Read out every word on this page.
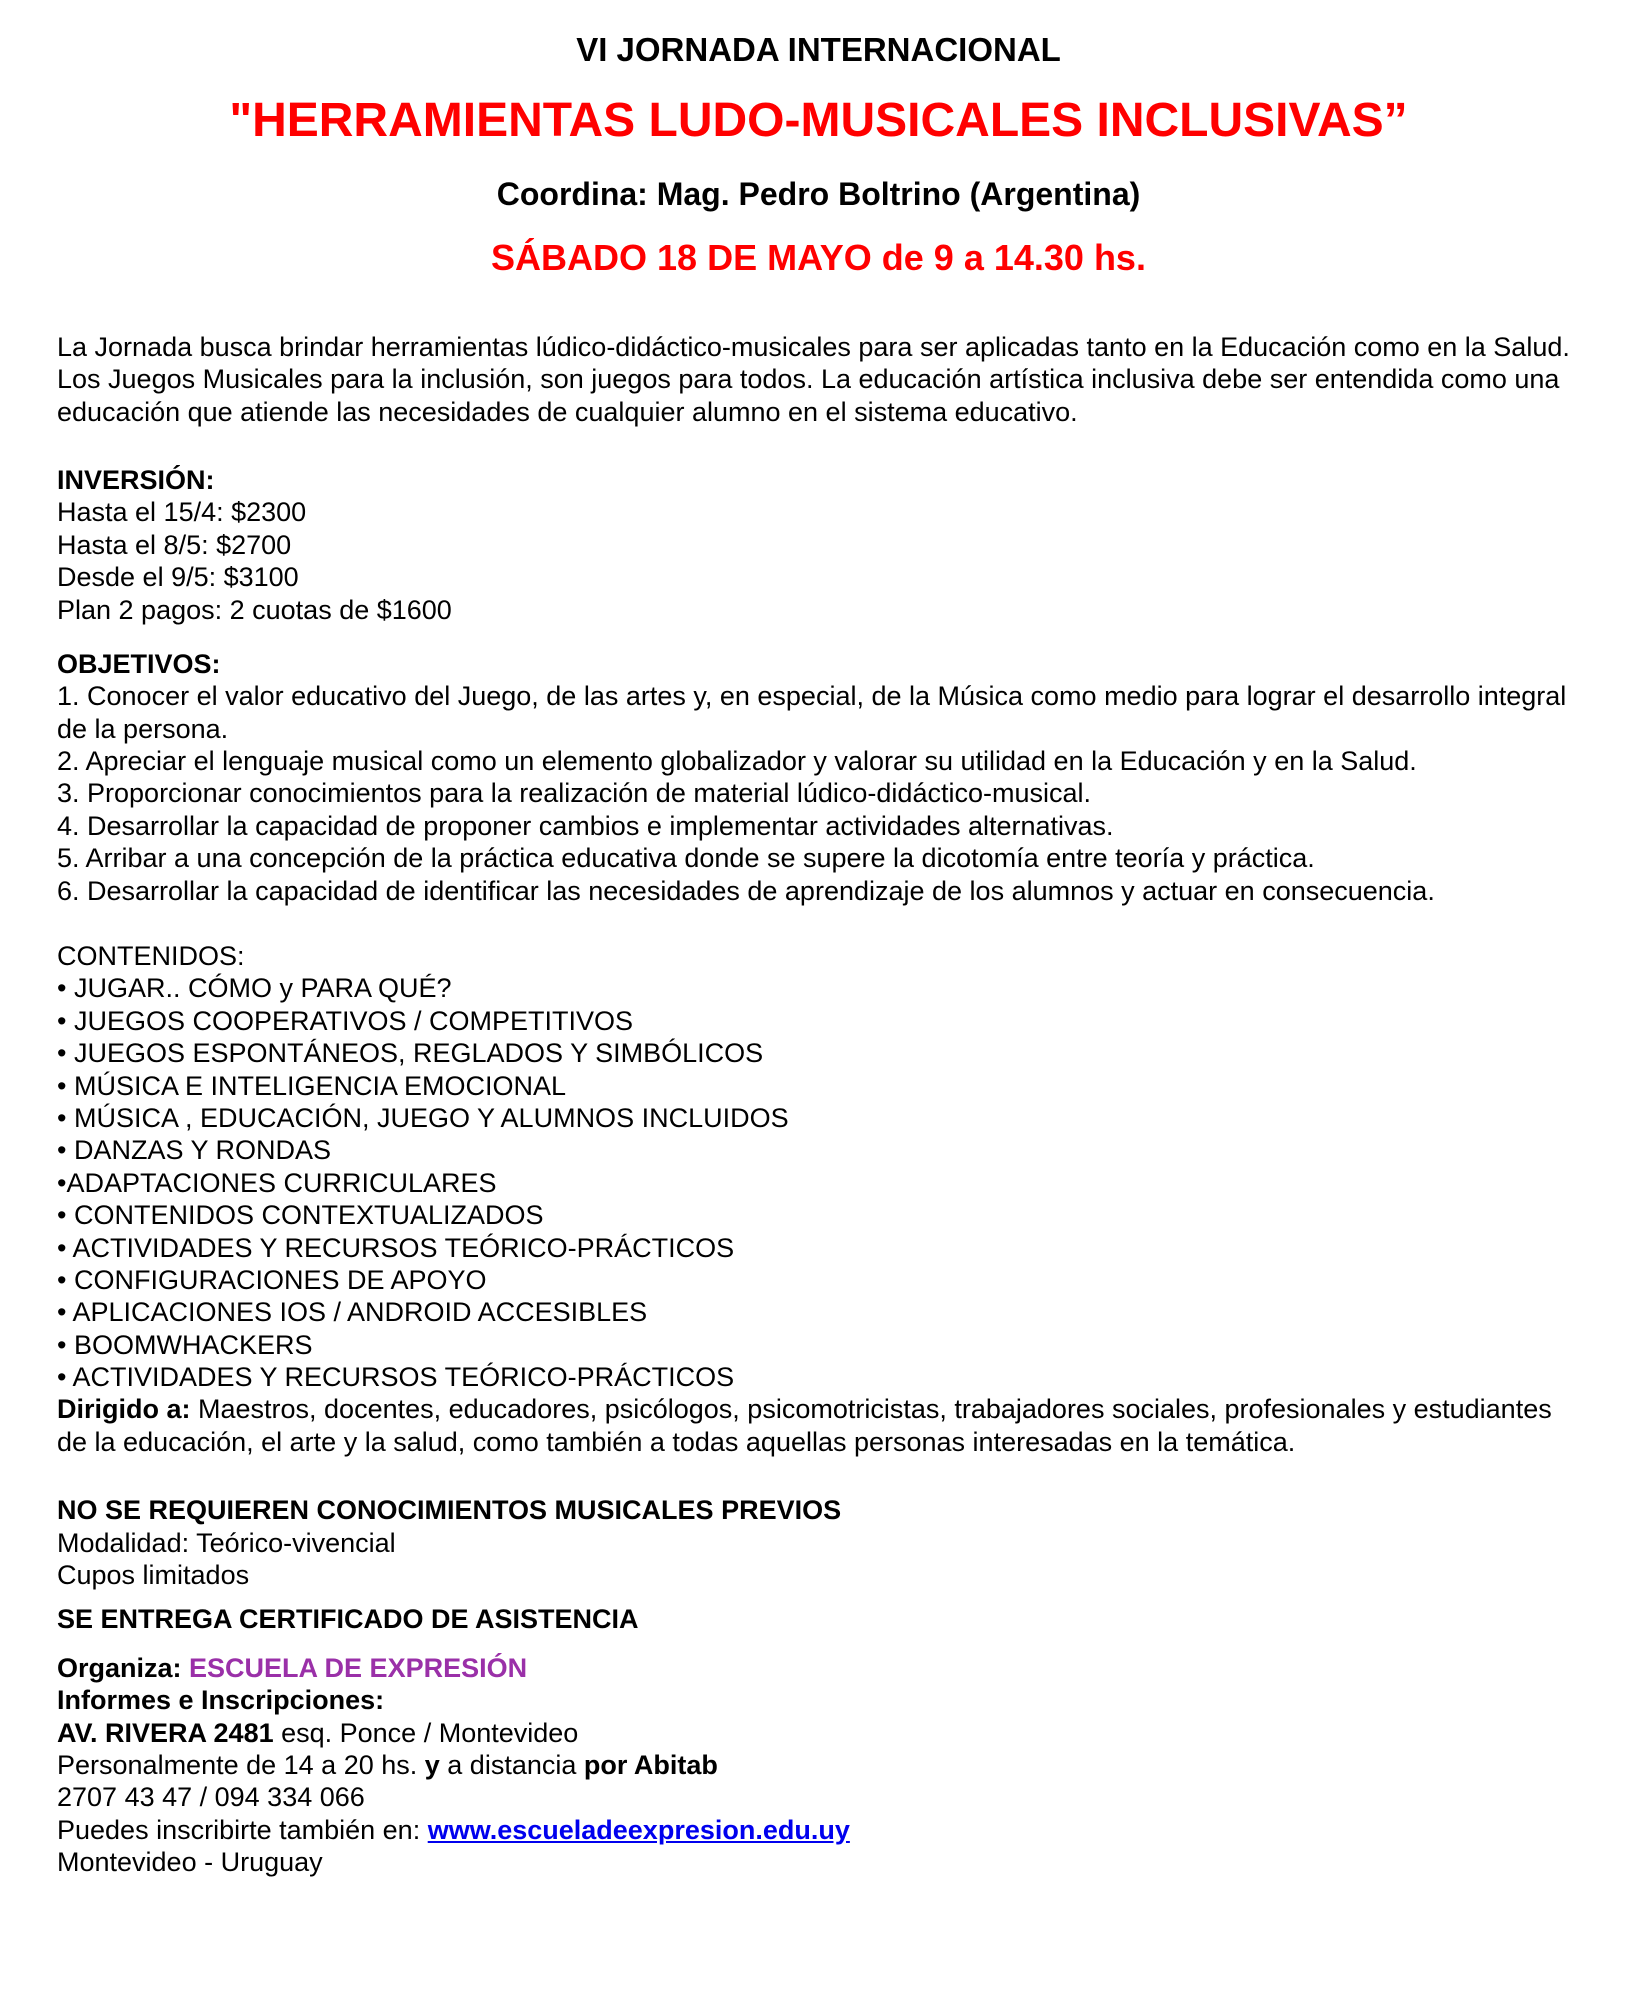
VI JORNADA INTERNACIONAL
"HERRAMIENTAS LUDO-MUSICALES INCLUSIVAS”
Coordina: Mag. Pedro Boltrino (Argentina)
SÁBADO 18 DE MAYO de 9 a 14.30 hs.
La Jornada busca brindar herramientas lúdico-didáctico-musicales para ser aplicadas tanto en la Educación como en la Salud.
Los Juegos Musicales para la inclusión, son juegos para todos. La educación artística inclusiva debe ser entendida como una educación que atiende las necesidades de cualquier alumno en el sistema educativo.
INVERSIÓN:
Hasta el 15/4: $2300
Hasta el 8/5: $2700
Desde el 9/5: $3100
Plan 2 pagos: 2 cuotas de $1600
OBJETIVOS:
1. Conocer el valor educativo del Juego, de las artes y, en especial, de la Música como medio para lograr el desarrollo integral de la persona.
2. Apreciar el lenguaje musical como un elemento globalizador y valorar su utilidad en la Educación y en la Salud.
3. Proporcionar conocimientos para la realización de material lúdico-didáctico-musical.
4. Desarrollar la capacidad de proponer cambios e implementar actividades alternativas.
5. Arribar a una concepción de la práctica educativa donde se supere la dicotomía entre teoría y práctica.
6. Desarrollar la capacidad de identificar las necesidades de aprendizaje de los alumnos y actuar en consecuencia.
CONTENIDOS:
• JUGAR.. CÓMO y PARA QUÉ?
• JUEGOS COOPERATIVOS / COMPETITIVOS
• JUEGOS ESPONTÁNEOS, REGLADOS Y SIMBÓLICOS
• MÚSICA E INTELIGENCIA EMOCIONAL
• MÚSICA , EDUCACIÓN, JUEGO Y ALUMNOS INCLUIDOS
• DANZAS Y RONDAS
•ADAPTACIONES CURRICULARES
• CONTENIDOS CONTEXTUALIZADOS
• ACTIVIDADES Y RECURSOS TEÓRICO-PRÁCTICOS
• CONFIGURACIONES DE APOYO
• APLICACIONES IOS / ANDROID ACCESIBLES
• BOOMWHACKERS
• ACTIVIDADES Y RECURSOS TEÓRICO-PRÁCTICOS
Dirigido a: Maestros, docentes, educadores, psicólogos, psicomotricistas, trabajadores sociales, profesionales y estudiantes de la educación, el arte y la salud, como también a todas aquellas personas interesadas en la temática.
NO SE REQUIEREN CONOCIMIENTOS MUSICALES PREVIOS
Modalidad: Teórico-vivencial
Cupos limitados
SE ENTREGA CERTIFICADO DE ASISTENCIA
Organiza: ESCUELA DE EXPRESIÓN
Informes e Inscripciones:
AV. RIVERA 2481 esq. Ponce / Montevideo
Personalmente de 14 a 20 hs. y a distancia por Abitab
2707 43 47 / 094 334 066
Puedes inscribirte también en: www.escueladeexpresion.edu.uy
Montevideo - Uruguay
